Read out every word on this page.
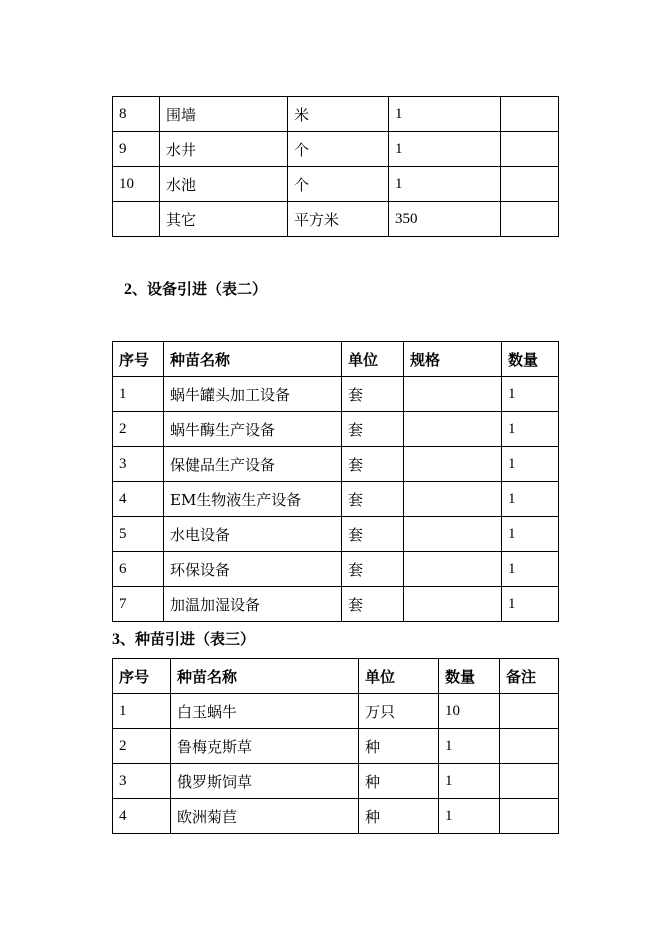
8	围墙	米	1	
9	水井	个	1	
10	水池	个	1	
	其它	平方米	350	
2、设备引进（表二）
序号	种苗名称	单位	规格	数量
1	蜗牛罐头加工设备	套		1
2	蜗牛酶生产设备	套		1
3	保健品生产设备	套		1
4	EM生物液生产设备	套		1
5	水电设备	套		1
6	环保设备	套		1
7	加温加湿设备	套		1
3、种苗引进（表三）
序号	种苗名称	单位	数量	备注
1	白玉蜗牛	万只	10	
2	鲁梅克斯草	种	1	
3	俄罗斯饲草	种	1	
4	欧洲菊苣	种	1	
